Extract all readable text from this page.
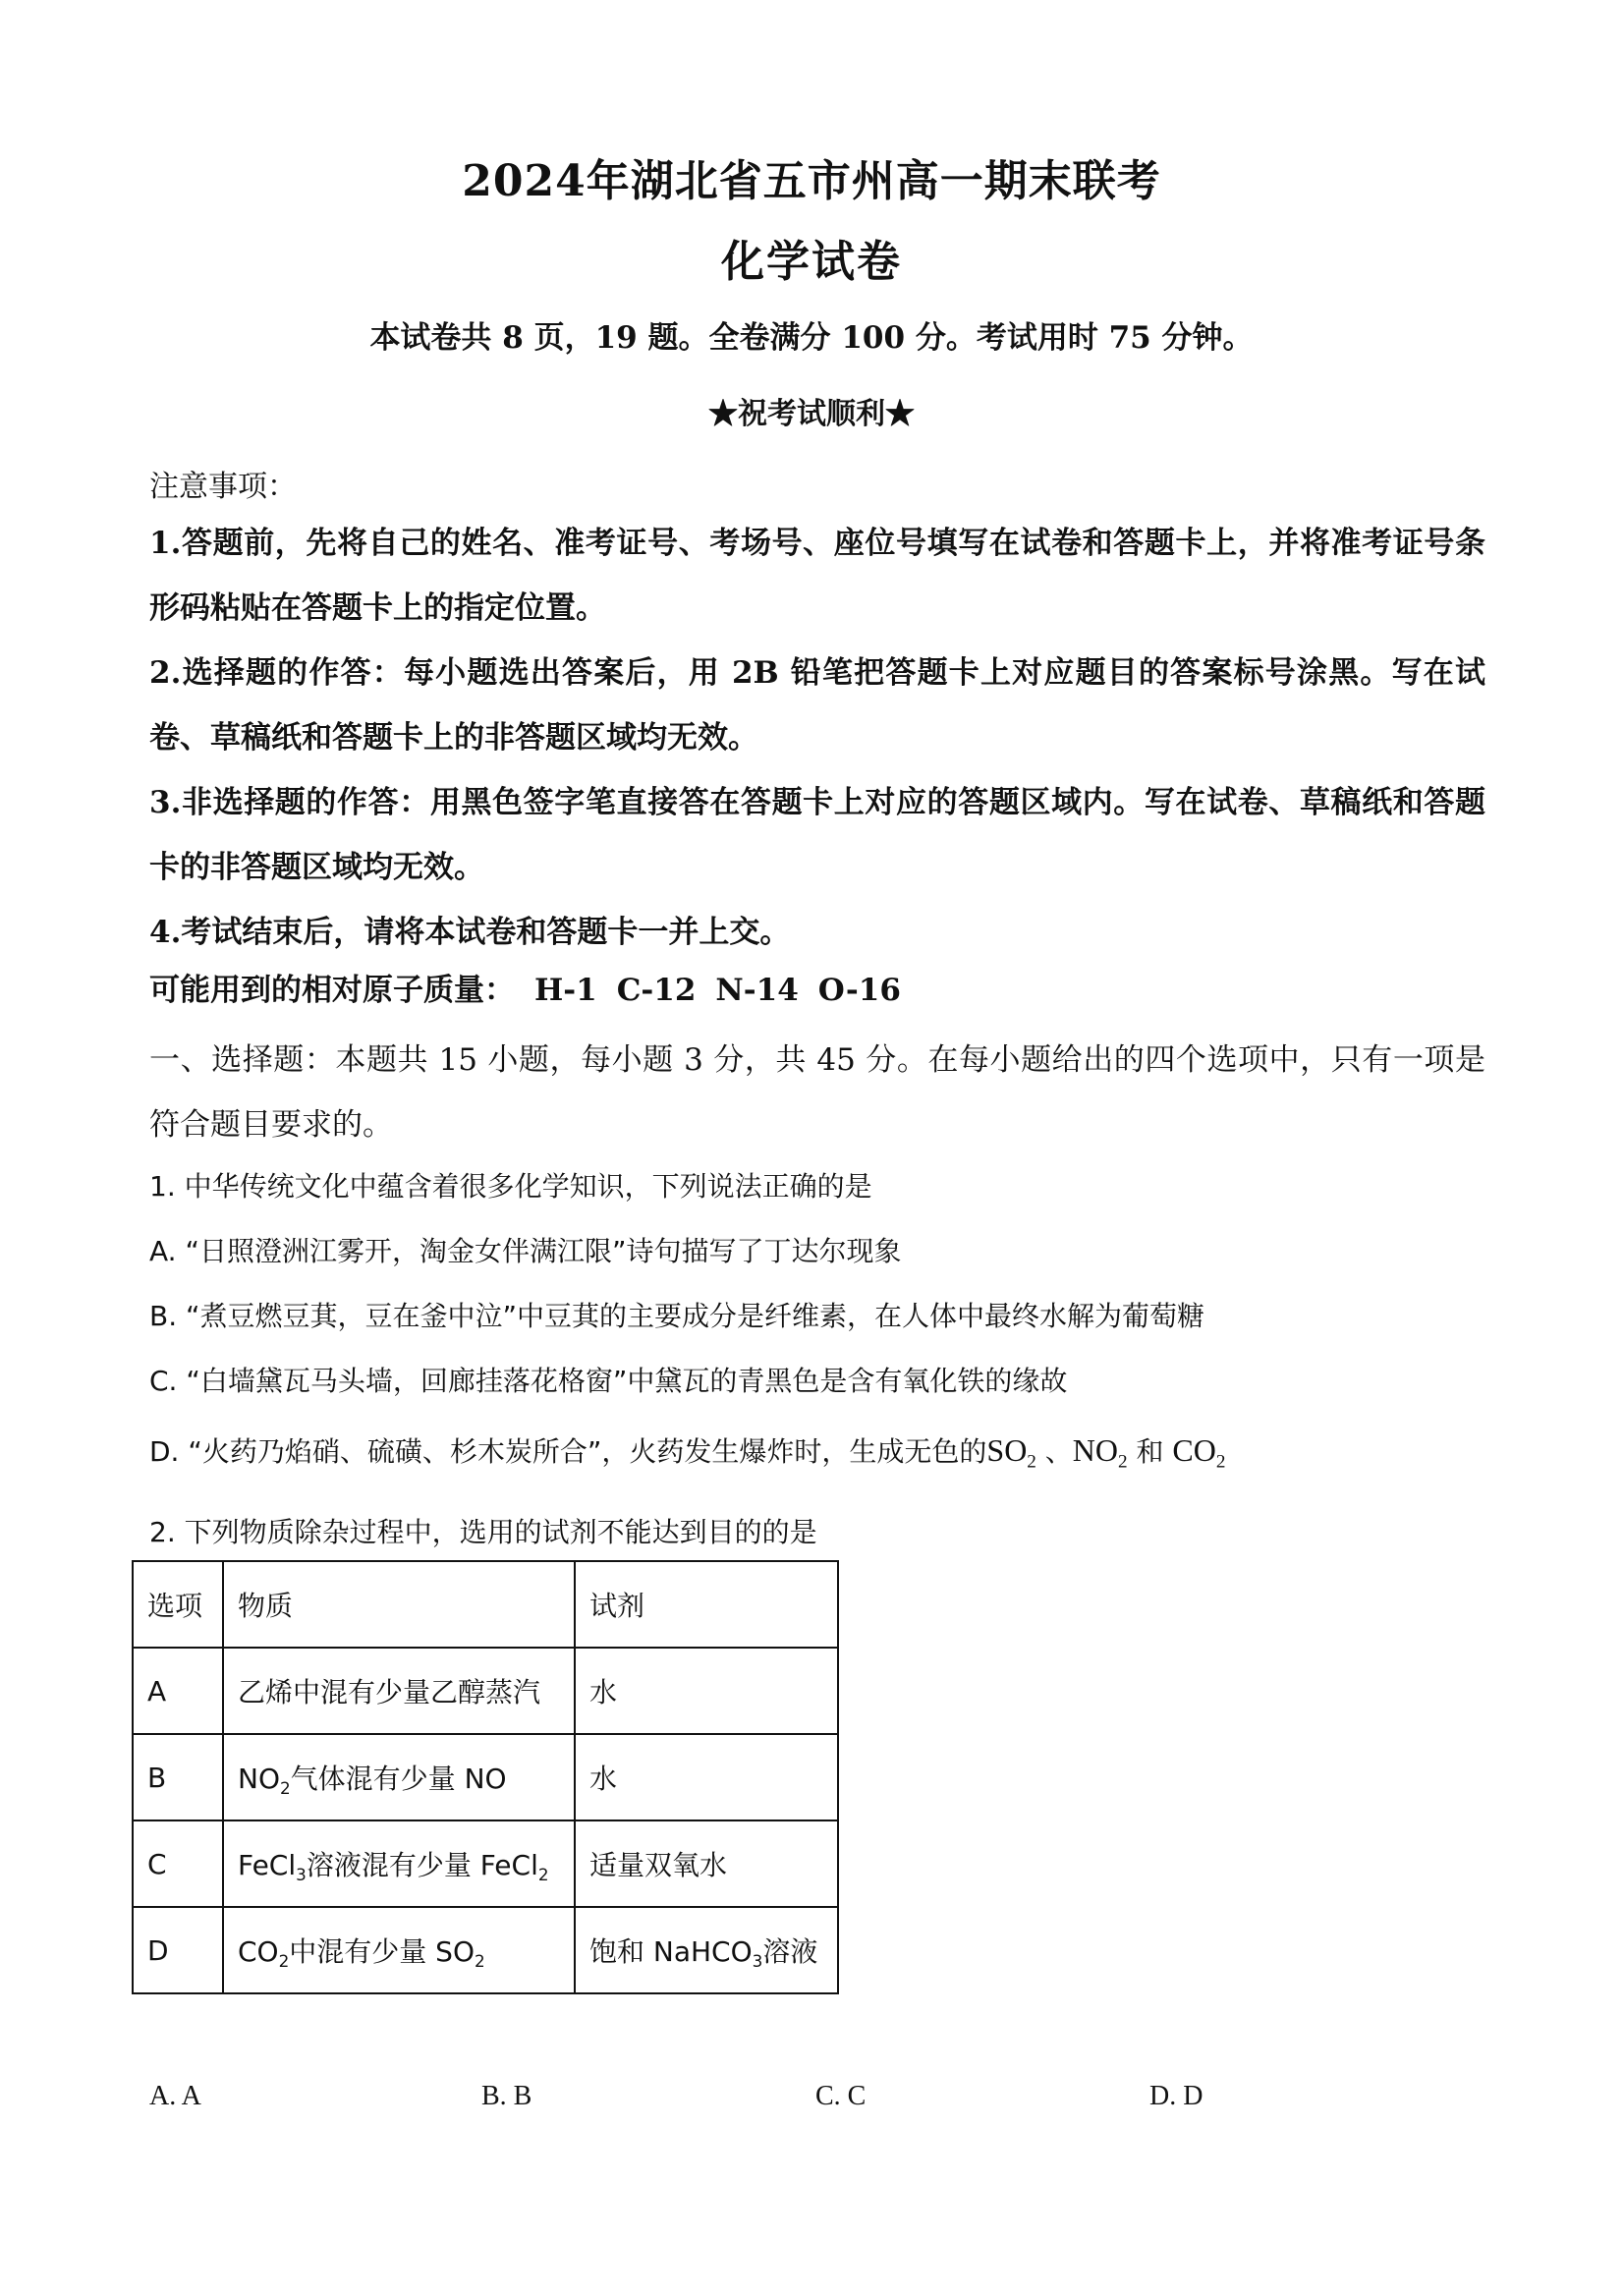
2024年湖北省五市州高一期末联考
化学试卷
本试卷共 8 页，19 题。全卷满分 100 分。考试用时 75 分钟。
★祝考试顺利★
注意事项：
1.答题前，先将自己的姓名、准考证号、考场号、座位号填写在试卷和答题卡上，并将准考证号条形码粘贴在答题卡上的指定位置。
2.选择题的作答：每小题选出答案后，用 2B 铅笔把答题卡上对应题目的答案标号涂黑。写在试卷、草稿纸和答题卡上的非答题区域均无效。
3.非选择题的作答：用黑色签字笔直接答在答题卡上对应的答题区域内。写在试卷、草稿纸和答题卡的非答题区域均无效。
4.考试结束后，请将本试卷和答题卡一并上交。
可能用到的相对原子质量： H-1 C-12 N-14 O-16
一、选择题：本题共 15 小题，每小题 3 分，共 45 分。在每小题给出的四个选项中，只有一项是符合题目要求的。
1. 中华传统文化中蕴含着很多化学知识，下列说法正确的是
A. “日照澄洲江雾开，淘金女伴满江限”诗句描写了丁达尔现象
B. “煮豆燃豆萁，豆在釜中泣”中豆萁的主要成分是纤维素，在人体中最终水解为葡萄糖
C. “白墙黛瓦马头墙，回廊挂落花格窗”中黛瓦的青黑色是含有氧化铁的缘故
D. “火药乃焰硝、硫磺、杉木炭所合”，火药发生爆炸时，生成无色的$SO_2$ 、$NO_2$ 和 $CO_2$
2. 下列物质除杂过程中，选用的试剂不能达到目的的是
选项	物质	试剂
A	乙烯中混有少量乙醇蒸汽	水
B	$NO_2$气体混有少量 NO	水
C	FeCl$_3$溶液混有少量 FeCl$_2$	适量双氧水
D	$CO_2$中混有少量 $SO_2$	饱和 NaHCO$_3$溶液
A. A	B. B	C. C	D. D
